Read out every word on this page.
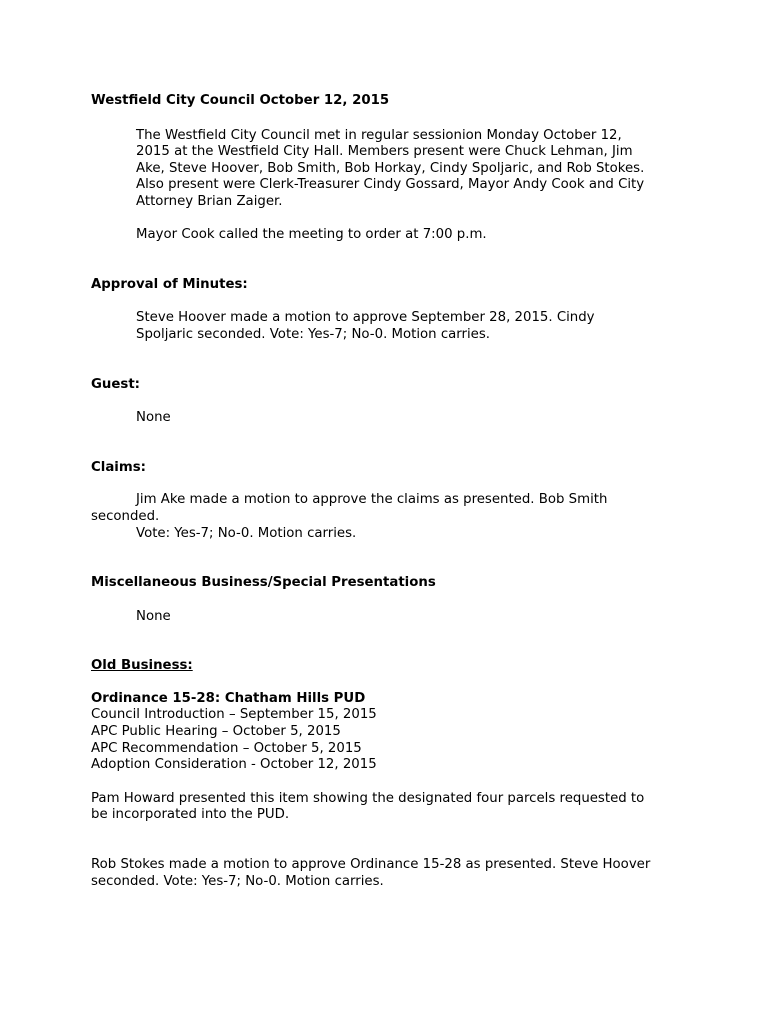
Westfield City Council October 12, 2015

The Westfield City Council met in regular sessionion Monday October 12,
2015 at the Westfield City Hall. Members present were Chuck Lehman, Jim
Ake, Steve Hoover, Bob Smith, Bob Horkay, Cindy Spoljaric, and Rob Stokes.
Also present were Clerk-Treasurer Cindy Gossard, Mayor Andy Cook and City
Attorney Brian Zaiger.

Mayor Cook called the meeting to order at 7:00 p.m.

Approval of Minutes:

Steve Hoover made a motion to approve September 28, 2015. Cindy
Spoljaric seconded. Vote: Yes-7; No-0. Motion carries.

Guest:

None

Claims:

Jim Ake made a motion to approve the claims as presented. Bob Smith
seconded.
Vote: Yes-7; No-0. Motion carries.

Miscellaneous Business/Special Presentations

None

Old Business:

Ordinance 15-28: Chatham Hills PUD

Council Introduction – September 15, 2015
APC Public Hearing – October 5, 2015
APC Recommendation – October 5, 2015
Adoption Consideration - October 12, 2015
Pam Howard presented this item showing the designated four parcels requested to
be incorporated into the PUD.
Rob Stokes made a motion to approve Ordinance 15-28 as presented. Steve Hoover
seconded. Vote: Yes-7; No-0. Motion carries.
